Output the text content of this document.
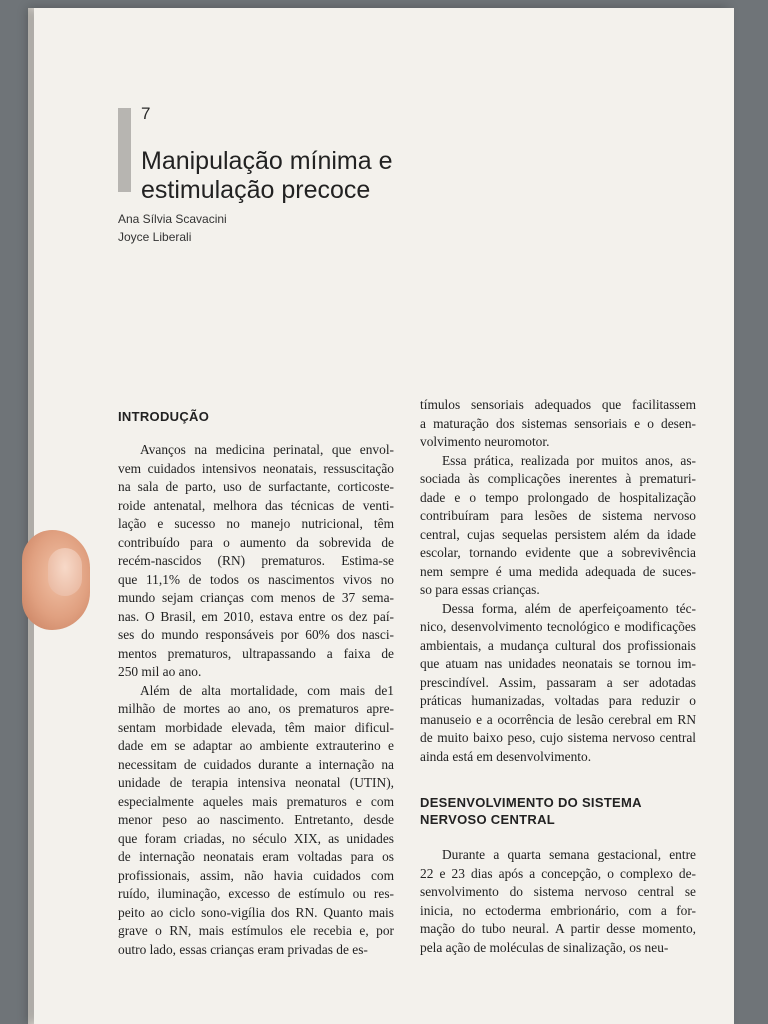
7
Manipulação mínima e
estimulação precoce
Ana Sílvia Scavacini
Joyce Liberali
INTRODUÇÃO
Avanços na medicina perinatal, que envol-
vem cuidados intensivos neonatais, ressuscitação
na sala de parto, uso de surfactante, corticoste-
roide antenatal, melhora das técnicas de venti-
lação e sucesso no manejo nutricional, têm
contribuído para o aumento da sobrevida de
recém-nascidos (RN) prematuros. Estima-se
que 11,1% de todos os nascimentos vivos no
mundo sejam crianças com menos de 37 sema-
nas. O Brasil, em 2010, estava entre os dez paí-
ses do mundo responsáveis por 60% dos nasci-
mentos prematuros, ultrapassando a faixa de
250 mil ao ano.
Além de alta mortalidade, com mais de1
milhão de mortes ao ano, os prematuros apre-
sentam morbidade elevada, têm maior dificul-
dade em se adaptar ao ambiente extrauterino e
necessitam de cuidados durante a internação na
unidade de terapia intensiva neonatal (UTIN),
especialmente aqueles mais prematuros e com
menor peso ao nascimento. Entretanto, desde
que foram criadas, no século XIX, as unidades
de internação neonatais eram voltadas para os
profissionais, assim, não havia cuidados com
ruído, iluminação, excesso de estímulo ou res-
peito ao ciclo sono-vigília dos RN. Quanto mais
grave o RN, mais estímulos ele recebia e, por
outro lado, essas crianças eram privadas de es-
tímulos sensoriais adequados que facilitassem
a maturação dos sistemas sensoriais e o desen-
volvimento neuromotor.
Essa prática, realizada por muitos anos, as-
sociada às complicações inerentes à prematuri-
dade e o tempo prolongado de hospitalização
contribuíram para lesões de sistema nervoso
central, cujas sequelas persistem além da idade
escolar, tornando evidente que a sobrevivência
nem sempre é uma medida adequada de suces-
so para essas crianças.
Dessa forma, além de aperfeiçoamento téc-
nico, desenvolvimento tecnológico e modificações
ambientais, a mudança cultural dos profissionais
que atuam nas unidades neonatais se tornou im-
prescindível. Assim, passaram a ser adotadas
práticas humanizadas, voltadas para reduzir o
manuseio e a ocorrência de lesão cerebral em RN
de muito baixo peso, cujo sistema nervoso central
ainda está em desenvolvimento.
DESENVOLVIMENTO DO SISTEMA
NERVOSO CENTRAL
Durante a quarta semana gestacional, entre
22 e 23 dias após a concepção, o complexo de-
senvolvimento do sistema nervoso central se
inicia, no ectoderma embrionário, com a for-
mação do tubo neural. A partir desse momento,
pela ação de moléculas de sinalização, os neu-
